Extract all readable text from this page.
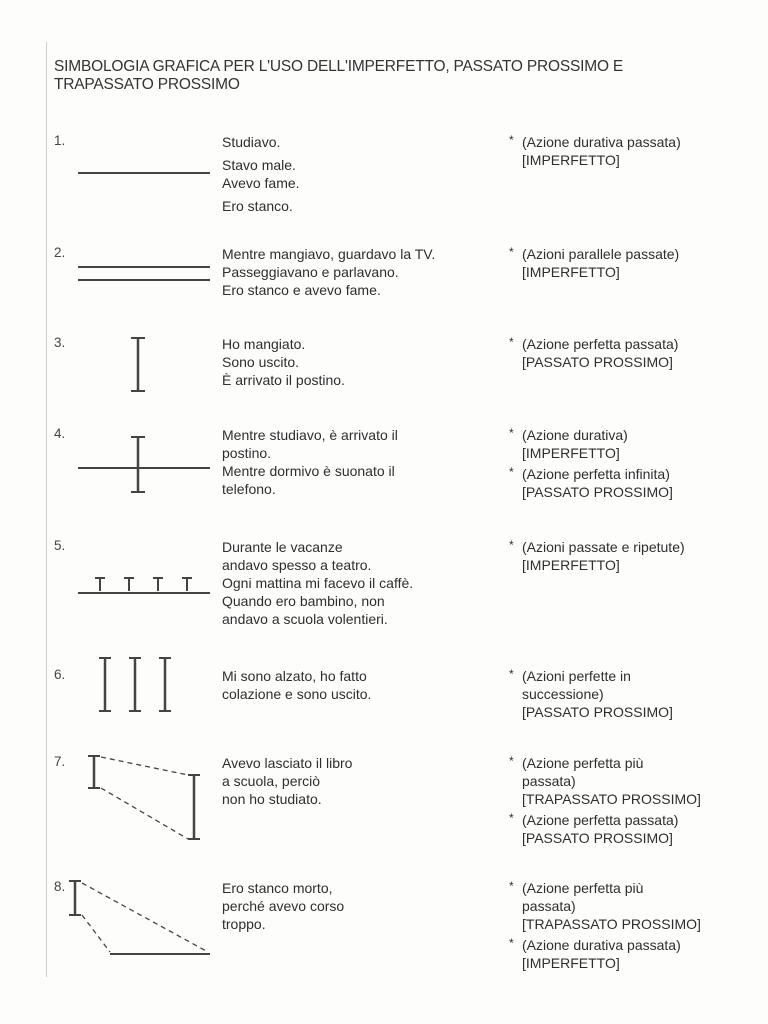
SIMBOLOGIA GRAFICA PER L'USO DELL'IMPERFETTO, PASSATO PROSSIMO E TRAPASSATO PROSSIMO
1.	Studiavo.
Stavo male.
Avevo fame.
Ero stanco.
* (Azione durativa passata)
[IMPERFETTO]
2.	Mentre mangiavo, guardavo la TV.
Passeggiavano e parlavano.
Ero stanco e avevo fame.
* (Azioni parallele passate)
[IMPERFETTO]
3.	Ho mangiato.
Sono uscito.
È arrivato il postino.
* (Azione perfetta passata)
[PASSATO PROSSIMO]
4.	Mentre studiavo, è arrivato il
postino.
Mentre dormivo è suonato il
telefono.
* (Azione durativa)
[IMPERFETTO]
* (Azione perfetta infinita)
[PASSATO PROSSIMO]
5.	Durante le vacanze
andavo spesso a teatro.
Ogni mattina mi facevo il caffè.
Quando ero bambino, non
andavo a scuola volentieri.
* (Azioni passate e ripetute)
[IMPERFETTO]
6.	Mi sono alzato, ho fatto
colazione e sono uscito.
* (Azioni perfette in
successione)
[PASSATO PROSSIMO]
7.	Avevo lasciato il libro
a scuola, perciò
non ho studiato.
* (Azione perfetta più
passata)
[TRAPASSATO PROSSIMO]
* (Azione perfetta passata)
[PASSATO PROSSIMO]
8.	Ero stanco morto,
perché avevo corso
troppo.
* (Azione perfetta più
passata)
[TRAPASSATO PROSSIMO]
* (Azione durativa passata)
[IMPERFETTO]
